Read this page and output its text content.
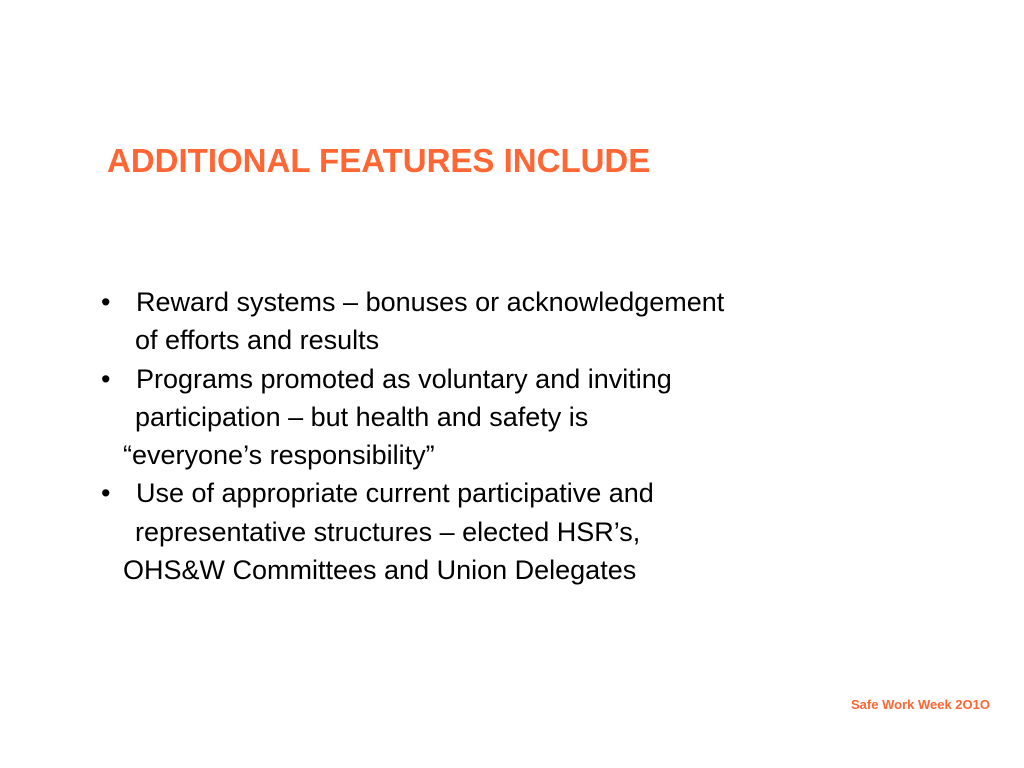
ADDITIONAL FEATURES INCLUDE
• Reward systems – bonuses or acknowledgement
of efforts and results
• Programs promoted as voluntary and inviting
participation – but health and safety is
“everyone’s responsibility”
• Use of appropriate current participative and
representative structures – elected HSR’s,
OHS&W Committees and Union Delegates
Safe Work Week 2O1O
